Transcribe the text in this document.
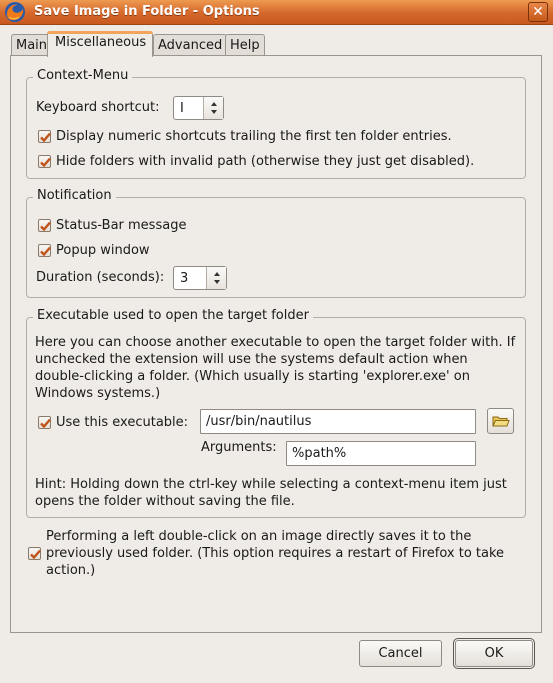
Save Image in Folder - Options	✕
Main Miscellaneous Advanced Help
Context-Menu
Keyboard shortcut: I
Display numeric shortcuts trailing the first ten folder entries.
Hide folders with invalid path (otherwise they just get disabled).
Notification
Status-Bar message
Popup window
Duration (seconds): 3
Executable used to open the target folder
Here you can choose another executable to open the target folder with. If unchecked the extension will use the systems default action when double-clicking a folder. (Which usually is starting 'explorer.exe' on Windows systems.)
Use this executable:	/usr/bin/nautilus
Arguments:	%path%
Hint: Holding down the ctrl-key while selecting a context-menu item just opens the folder without saving the file.
Performing a left double-click on an image directly saves it to the previously used folder. (This option requires a restart of Firefox to take action.)
Cancel	OK
